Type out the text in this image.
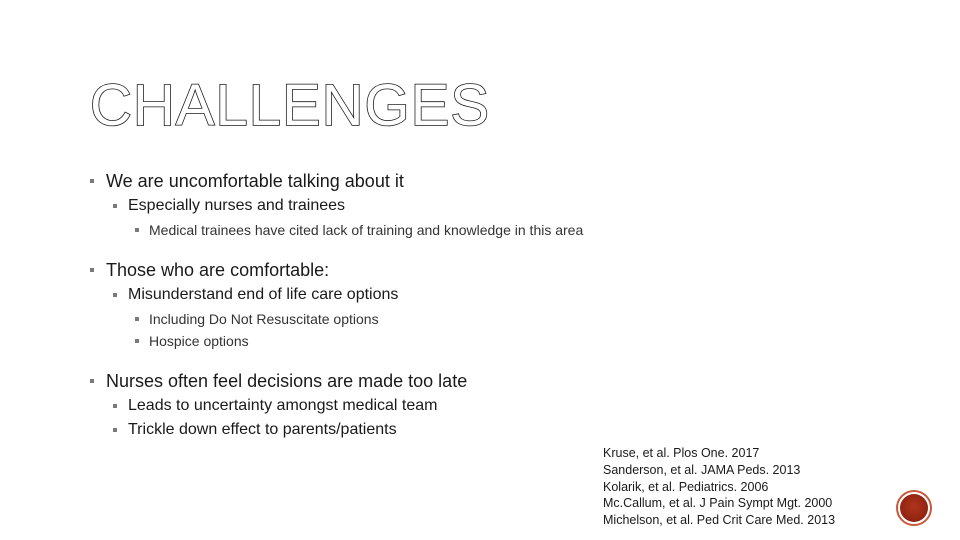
CHALLENGES
We are uncomfortable talking about it
Especially nurses and trainees
Medical trainees have cited lack of training and knowledge in this area
Those who are comfortable:
Misunderstand end of life care options
Including Do Not Resuscitate options
Hospice options
Nurses often feel decisions are made too late
Leads to uncertainty amongst medical team
Trickle down effect to parents/patients
Kruse, et al. Plos One. 2017
Sanderson, et al. JAMA Peds. 2013
Kolarik, et al. Pediatrics. 2006
Mc.Callum, et al. J Pain Sympt Mgt. 2000
Michelson, et al. Ped Crit Care Med. 2013
